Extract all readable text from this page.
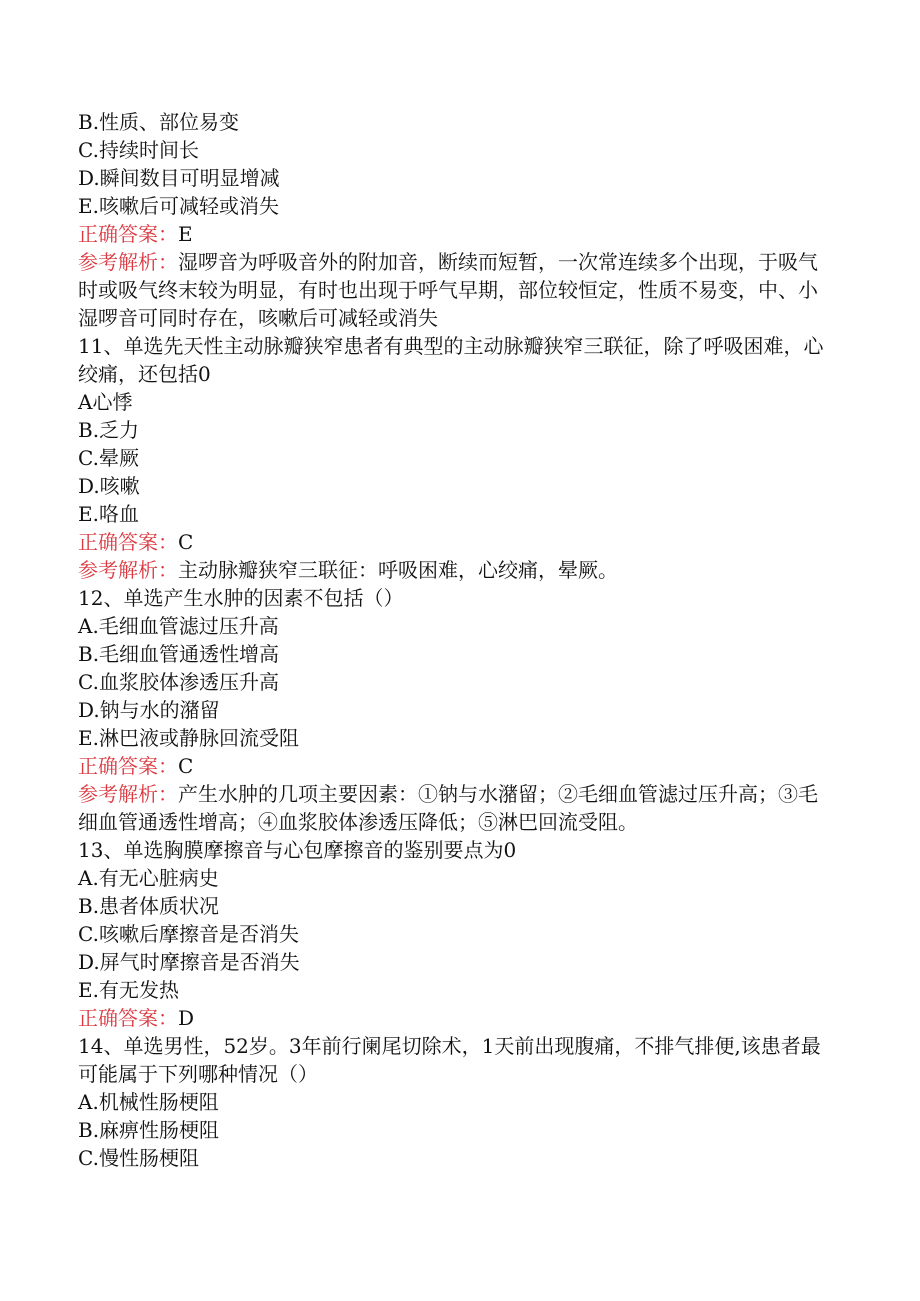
B.性质、部位易变
C.持续时间长
D.瞬间数目可明显增减
E.咳嗽后可减轻或消失
正确答案：E
参考解析：湿啰音为呼吸音外的附加音，断续而短暂，一次常连续多个出现，于吸气时或吸气终末较为明显，有时也出现于呼气早期，部位较恒定，性质不易变，中、小湿啰音可同时存在，咳嗽后可减轻或消失
11、单选先天性主动脉瓣狭窄患者有典型的主动脉瓣狭窄三联征，除了呼吸困难，心绞痛，还包括0
A心悸
B.乏力
C.晕厥
D.咳嗽
E.咯血
正确答案：C
参考解析：主动脉瓣狭窄三联征：呼吸困难，心绞痛，晕厥。
12、单选产生水肿的因素不包括（）
A.毛细血管滤过压升高
B.毛细血管通透性增高
C.血浆胶体渗透压升高
D.钠与水的潴留
E.淋巴液或静脉回流受阻
正确答案：C
参考解析：产生水肿的几项主要因素：①钠与水潴留；②毛细血管滤过压升高；③毛细血管通透性增高；④血浆胶体渗透压降低；⑤淋巴回流受阻。
13、单选胸膜摩擦音与心包摩擦音的鉴别要点为0
A.有无心脏病史
B.患者体质状况
C.咳嗽后摩擦音是否消失
D.屏气时摩擦音是否消失
E.有无发热
正确答案：D
14、单选男性，52岁。3年前行阑尾切除术，1天前出现腹痛，不排气排便,该患者最可能属于下列哪种情况（）
A.机械性肠梗阻
B.麻痹性肠梗阻
C.慢性肠梗阻
